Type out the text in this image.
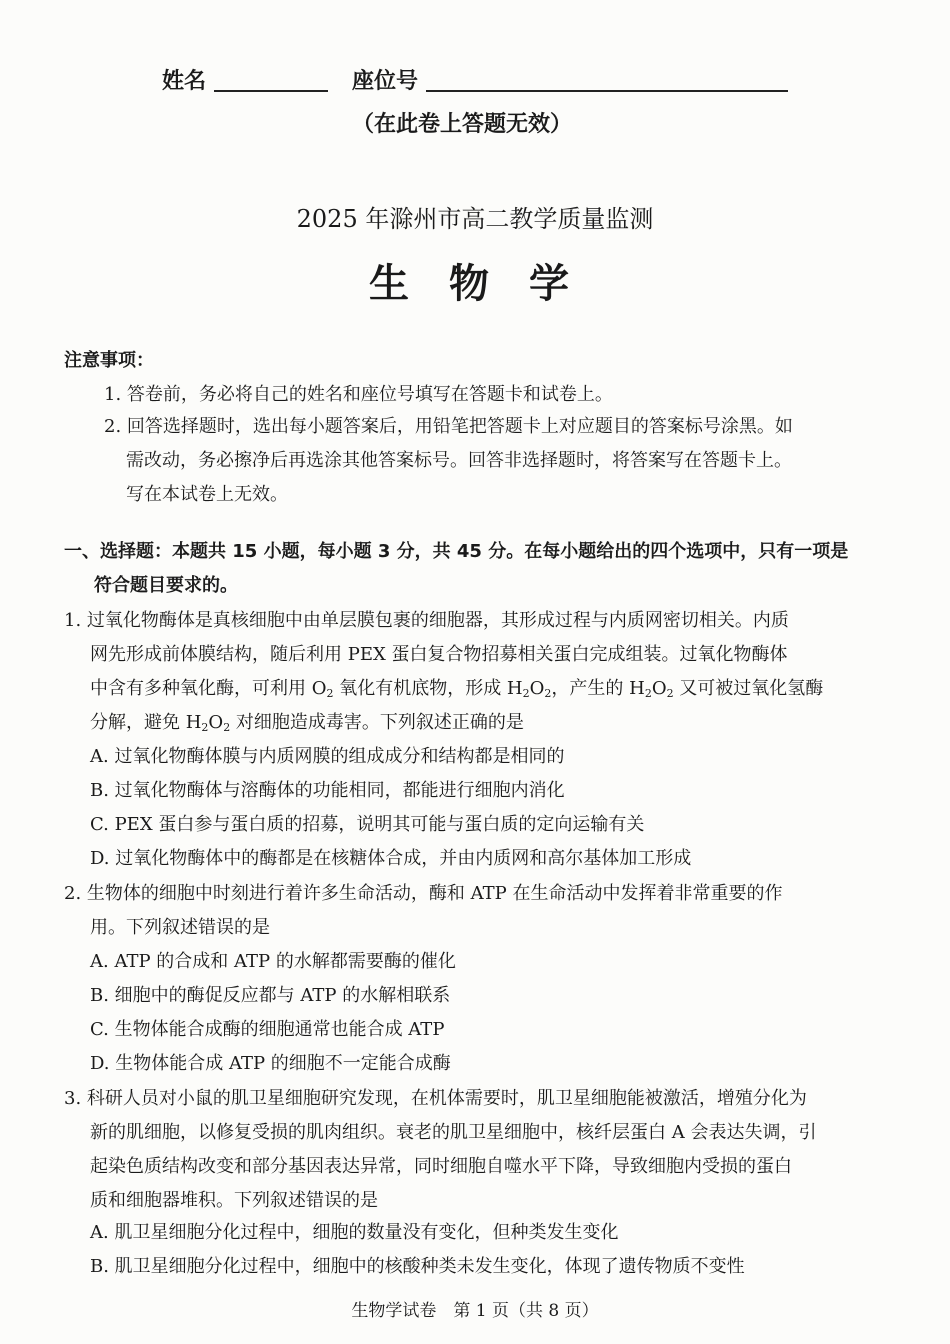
姓名	座位号
（在此卷上答题无效）
2025 年滁州市高二教学质量监测
生物学
注意事项：
1. 答卷前，务必将自己的姓名和座位号填写在答题卡和试卷上。
2. 回答选择题时，选出每小题答案后，用铅笔把答题卡上对应题目的答案标号涂黑。如
需改动，务必擦净后再选涂其他答案标号。回答非选择题时，将答案写在答题卡上。
写在本试卷上无效。
一、选择题：本题共 15 小题，每小题 3 分，共 45 分。在每小题给出的四个选项中，只有一项是
符合题目要求的。
1. 过氧化物酶体是真核细胞中由单层膜包裹的细胞器，其形成过程与内质网密切相关。内质
网先形成前体膜结构，随后利用 PEX 蛋白复合物招募相关蛋白完成组装。过氧化物酶体
中含有多种氧化酶，可利用 $O_2$ 氧化有机底物，形成 $H_2O_2$，产生的 $H_2O_2$ 又可被过氧化氢酶
分解，避免 $H_2O_2$ 对细胞造成毒害。下列叙述正确的是
A. 过氧化物酶体膜与内质网膜的组成成分和结构都是相同的
B. 过氧化物酶体与溶酶体的功能相同，都能进行细胞内消化
C. PEX 蛋白参与蛋白质的招募，说明其可能与蛋白质的定向运输有关
D. 过氧化物酶体中的酶都是在核糖体合成，并由内质网和高尔基体加工形成
2. 生物体的细胞中时刻进行着许多生命活动，酶和 ATP 在生命活动中发挥着非常重要的作
用。下列叙述错误的是
A. ATP 的合成和 ATP 的水解都需要酶的催化
B. 细胞中的酶促反应都与 ATP 的水解相联系
C. 生物体能合成酶的细胞通常也能合成 ATP
D. 生物体能合成 ATP 的细胞不一定能合成酶
3. 科研人员对小鼠的肌卫星细胞研究发现，在机体需要时，肌卫星细胞能被激活，增殖分化为
新的肌细胞，以修复受损的肌肉组织。衰老的肌卫星细胞中，核纤层蛋白 A 会表达失调，引
起染色质结构改变和部分基因表达异常，同时细胞自噬水平下降，导致细胞内受损的蛋白
质和细胞器堆积。下列叙述错误的是
A. 肌卫星细胞分化过程中，细胞的数量没有变化，但种类发生变化
B. 肌卫星细胞分化过程中，细胞中的核酸种类未发生变化，体现了遗传物质不变性
生物学试卷　第 1 页（共 8 页）
